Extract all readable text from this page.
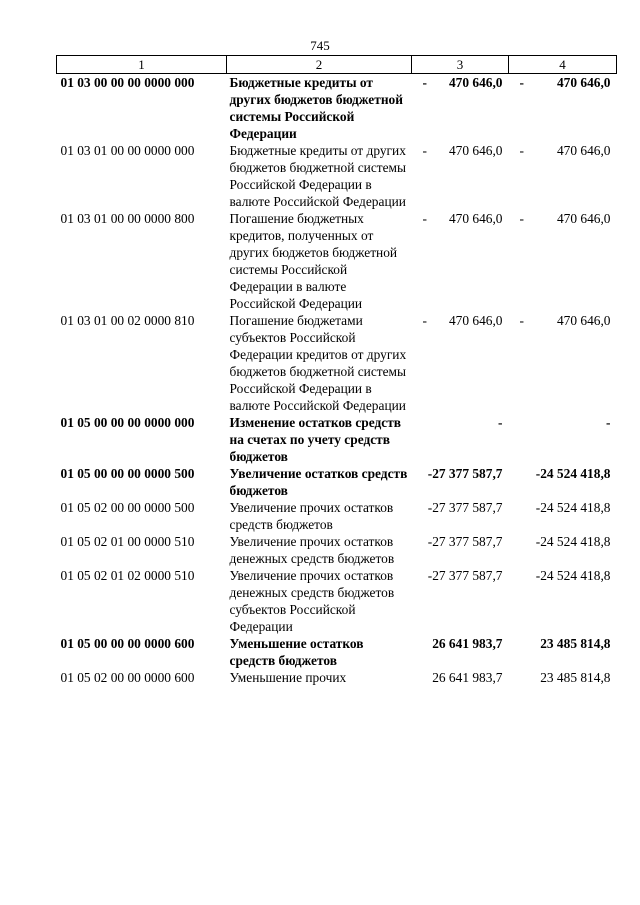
745
1	2	3	4
01 03 00 00 00 0000 000	Бюджетные кредиты от других бюджетов бюджетной системы Российской Федерации	- 470 646,0	- 470 646,0
01 03 01 00 00 0000 000	Бюджетные кредиты от других бюджетов бюджетной системы Российской Федерации в валюте Российской Федерации	- 470 646,0	- 470 646,0
01 03 01 00 00 0000 800	Погашение бюджетных кредитов, полученных от других бюджетов бюджетной системы Российской Федерации в валюте Российской Федерации	- 470 646,0	- 470 646,0
01 03 01 00 02 0000 810	Погашение бюджетами субъектов Российской Федерации кредитов от других бюджетов бюджетной системы Российской Федерации в валюте Российской Федерации	- 470 646,0	- 470 646,0
01 05 00 00 00 0000 000	Изменение остатков средств на счетах по учету средств бюджетов	-	-
01 05 00 00 00 0000 500	Увеличение остатков средств бюджетов	-27 377 587,7	-24 524 418,8
01 05 02 00 00 0000 500	Увеличение прочих остатков средств бюджетов	-27 377 587,7	-24 524 418,8
01 05 02 01 00 0000 510	Увеличение прочих остатков денежных средств бюджетов	-27 377 587,7	-24 524 418,8
01 05 02 01 02 0000 510	Увеличение прочих остатков денежных средств бюджетов субъектов Российской Федерации	-27 377 587,7	-24 524 418,8
01 05 00 00 00 0000 600	Уменьшение остатков средств бюджетов	26 641 983,7	23 485 814,8
01 05 02 00 00 0000 600	Уменьшение прочих	26 641 983,7	23 485 814,8
